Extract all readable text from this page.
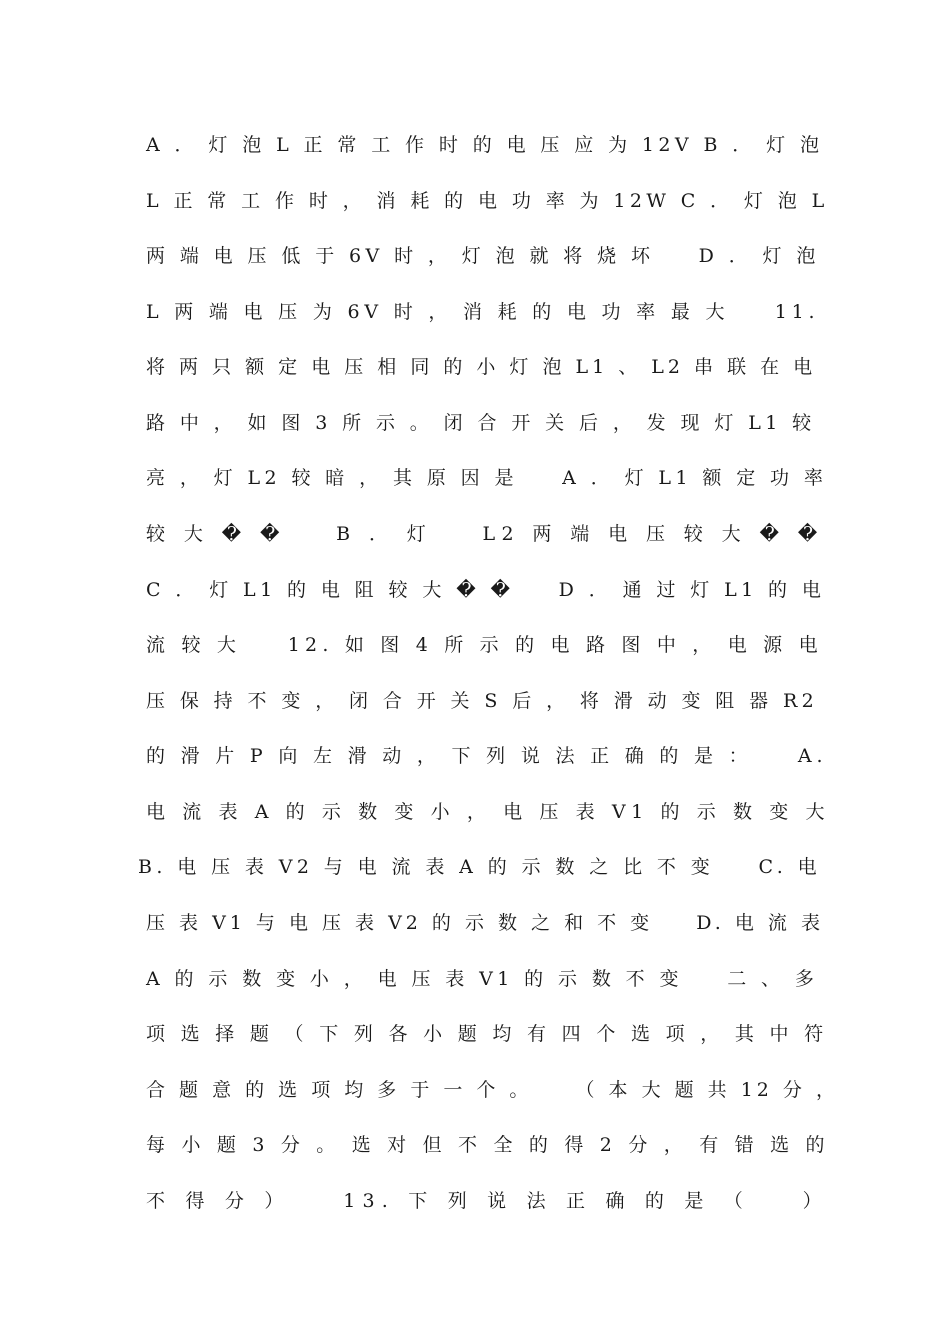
A ． 灯 泡 L 正 常 工 作 时 的 电 压 应 为 12V B ． 灯 泡
L 正 常 工 作 时 ， 消 耗 的 电 功 率 为 12W C ． 灯 泡 L
两 端 电 压 低 于 6V 时 ， 灯 泡 就 将 烧 坏 　 D ． 灯 泡
L 两 端 电 压 为 6V 时 ， 消 耗 的 电 功 率 最 大 　 11.
将 两 只 额 定 电 压 相 同 的 小 灯 泡 L1 、 L2 串 联 在 电
路 中 ， 如 图 3 所 示 。 闭 合 开 关 后 ， 发 现 灯 L1 较
亮 ， 灯 L2 较 暗 ， 其 原 因 是 　 A ． 灯 L1 额 定 功 率
较 大 � � 　 B ． 灯 　 L2 两 端 电 压 较 大 � �
C ． 灯 L1 的 电 阻 较 大 � � 　 D ． 通 过 灯 L1 的 电
流 较 大 　 12. 如 图 4 所 示 的 电 路 图 中 ， 电 源 电
压 保 持 不 变 ， 闭 合 开 关 S 后 ， 将 滑 动 变 阻 器 R2
的 滑 片 P 向 左 滑 动 ， 下 列 说 法 正 确 的 是 ： 　 A.
电 流 表 A 的 示 数 变 小 ， 电 压 表 V1 的 示 数 变 大
B. 电 压 表 V2 与 电 流 表 A 的 示 数 之 比 不 变 　 C. 电
压 表 V1 与 电 压 表 V2 的 示 数 之 和 不 变 　 D. 电 流 表
A 的 示 数 变 小 ， 电 压 表 V1 的 示 数 不 变 　 二 、 多
项 选 择 题 （ 下 列 各 小 题 均 有 四 个 选 项 ， 其 中 符
合 题 意 的 选 项 均 多 于 一 个 。 　 （ 本 大 题 共 12 分 ，
每 小 题 3 分 。 选 对 但 不 全 的 得 2 分 ， 有 错 选 的
不 得 分 ） 　 13. 下 列 说 法 正 确 的 是 （ 　 ）
